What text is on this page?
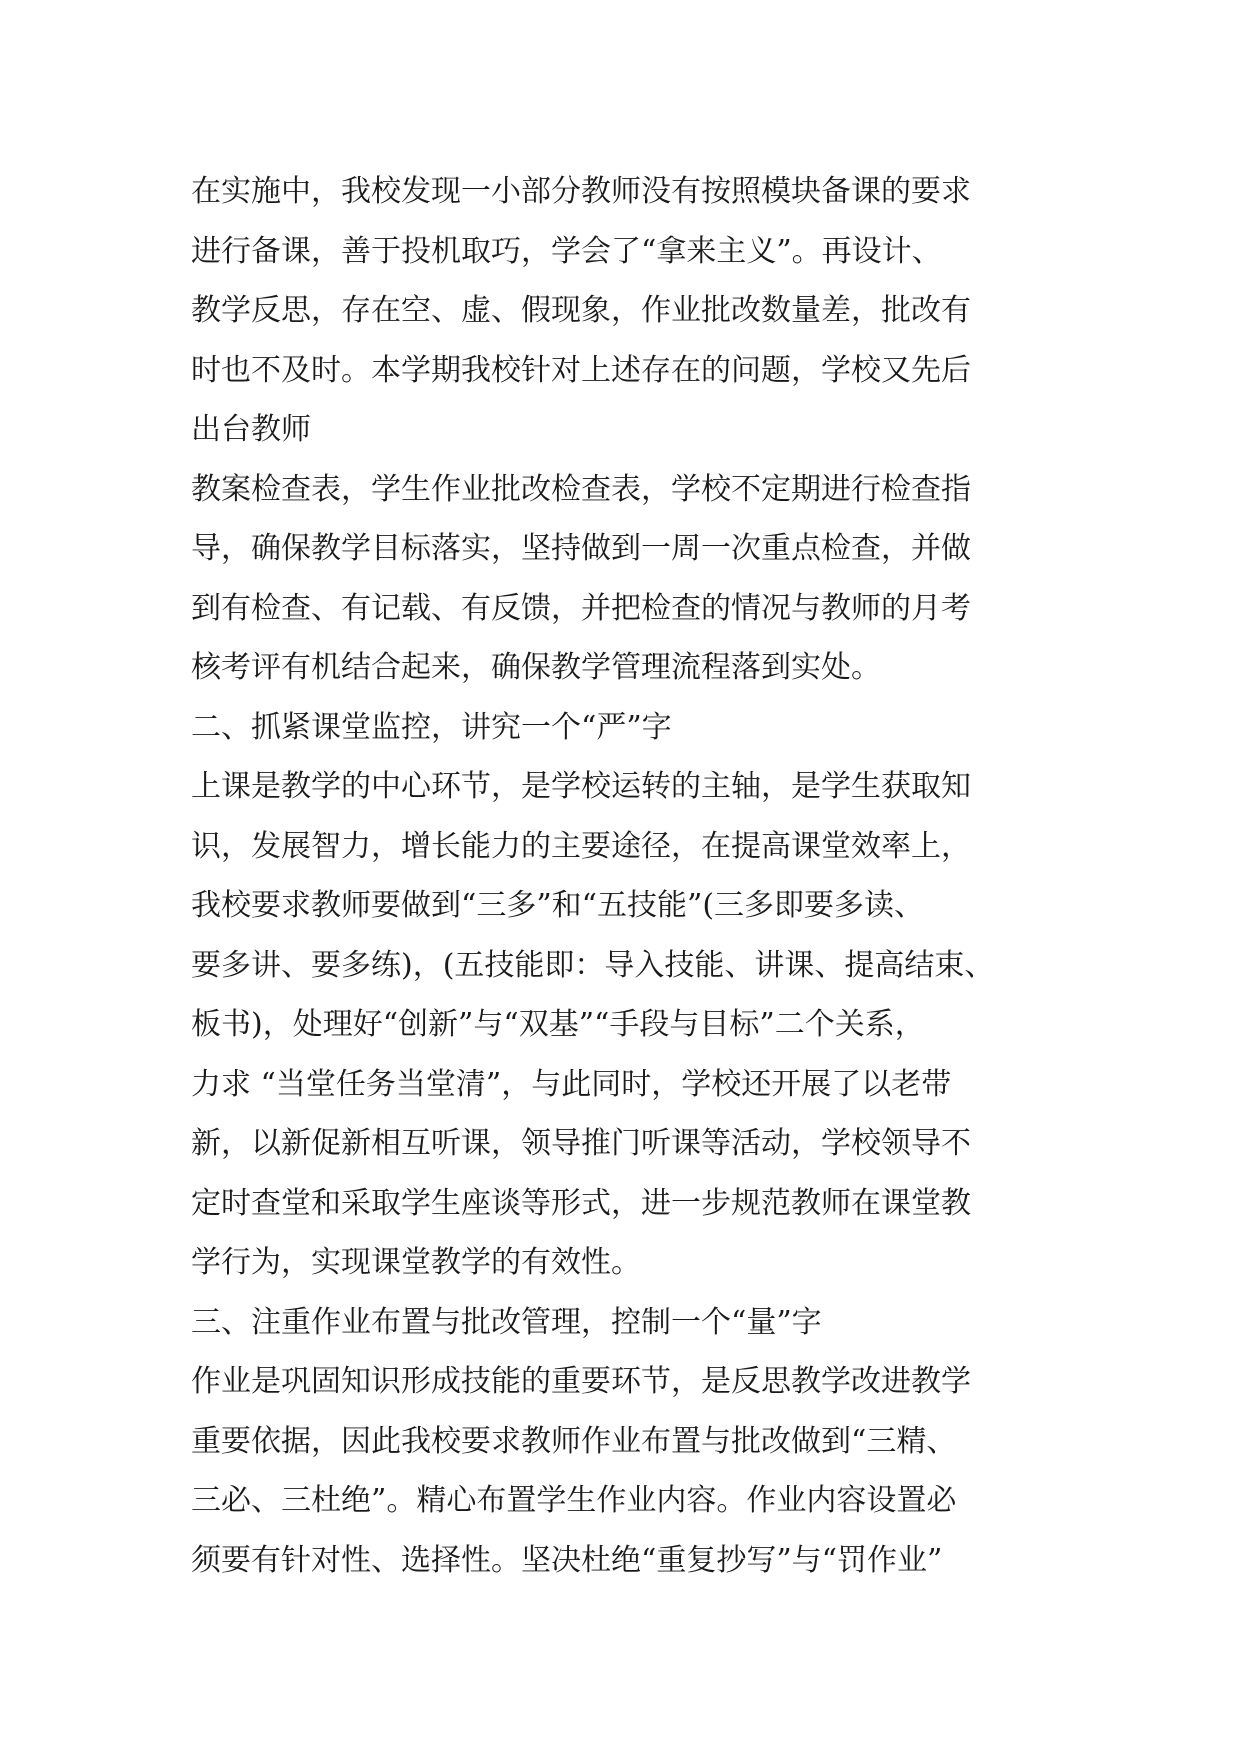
在实施中，我校发现一小部分教师没有按照模块备课的要求
进行备课，善于投机取巧，学会了“拿来主义”。再设计、
教学反思，存在空、虚、假现象，作业批改数量差，批改有
时也不及时。本学期我校针对上述存在的问题，学校又先后
出台教师
教案检查表，学生作业批改检查表，学校不定期进行检查指
导，确保教学目标落实，坚持做到一周一次重点检查，并做
到有检查、有记载、有反馈，并把检查的情况与教师的月考
核考评有机结合起来，确保教学管理流程落到实处。
二、抓紧课堂监控，讲究一个“严”字
上课是教学的中心环节，是学校运转的主轴，是学生获取知
识，发展智力，增长能力的主要途径，在提高课堂效率上，
我校要求教师要做到“三多”和“五技能”(三多即要多读、
要多讲、要多练)，(五技能即：导入技能、讲课、提高结束、
板书)，处理好“创新”与“双基”“手段与目标”二个关系，
力求 “当堂任务当堂清”，与此同时，学校还开展了以老带
新，以新促新相互听课，领导推门听课等活动，学校领导不
定时查堂和采取学生座谈等形式，进一步规范教师在课堂教
学行为，实现课堂教学的有效性。
三、注重作业布置与批改管理，控制一个“量”字
作业是巩固知识形成技能的重要环节，是反思教学改进教学
重要依据，因此我校要求教师作业布置与批改做到“三精、
三必、三杜绝”。精心布置学生作业内容。作业内容设置必
须要有针对性、选择性。坚决杜绝“重复抄写”与“罚作业”
